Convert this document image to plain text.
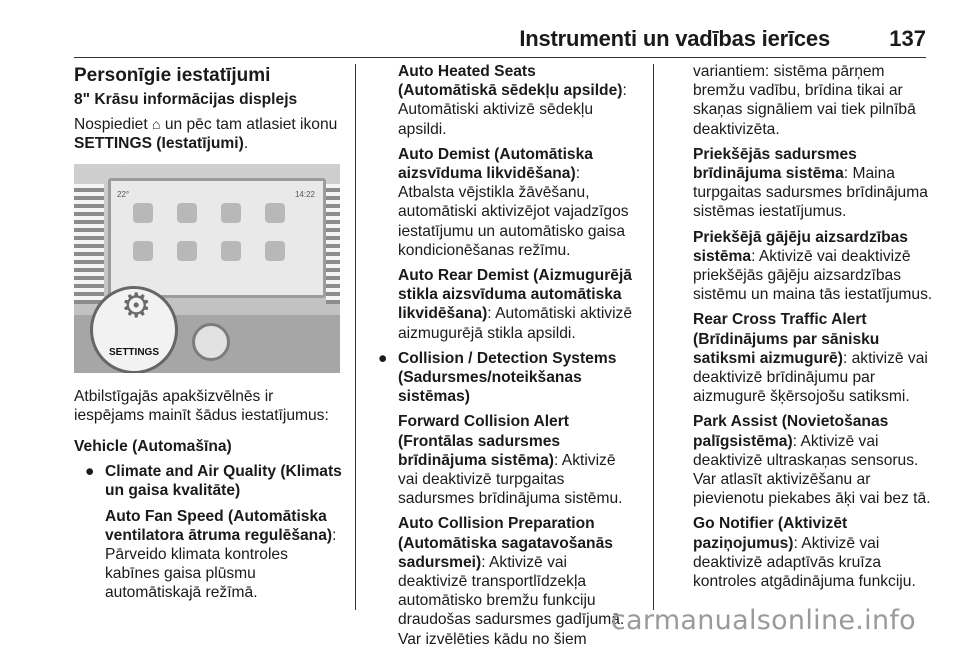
Instrumenti un vadības ierīces	137
Personīgie iestatījumi
8" Krāsu informācijas displejs

Nospiediet ⌂ un pēc tam atlasiet ikonu SETTINGS (Iestatījumi).

22°	14:22
⚙
SETTINGS

Atbilstīgajās apakšizvēlnēs ir iespējams mainīt šādus iestatījumus:

Vehicle (Automašīna)

● Climate and Air Quality (Klimats un gaisa kvalitāte)

Auto Fan Speed (Automātiska ventilatora ātruma regulēšana): Pārveido klimata kontroles kabīnes gaisa plūsmu automātiskajā režīmā.

Auto Heated Seats (Automātiskā sēdekļu apsilde): Automātiski aktivizē sēdekļu apsildi.

Auto Demist (Automātiska aizsvīduma likvidēšana): Atbalsta vējstikla žāvēšanu, automātiski aktivizējot vajadzīgos iestatījumu un automātisko gaisa kondicionēšanas režīmu.

Auto Rear Demist (Aizmugurējā stikla aizsvīduma automātiska likvidēšana): Automātiski aktivizē aizmugurējā stikla apsildi.

● Collision / Detection Systems (Sadursmes/noteikšanas sistēmas)

Forward Collision Alert (Frontālas sadursmes brīdinājuma sistēma): Aktivizē vai deaktivizē turpgaitas sadursmes brīdinājuma sistēmu.

Auto Collision Preparation (Automātiska sagatavošanās sadursmei): Aktivizē vai deaktivizē transportlīdzekļa automātisko bremžu funkciju draudošas sadursmes gadījumā. Var izvēlēties kādu no šiem

variantiem: sistēma pārņem bremžu vadību, brīdina tikai ar skaņas signāliem vai tiek pilnībā deaktivizēta.

Priekšējās sadursmes brīdinājuma sistēma: Maina turpgaitas sadursmes brīdinājuma sistēmas iestatījumus.

Priekšējā gājēju aizsardzības sistēma: Aktivizē vai deaktivizē priekšējās gājēju aizsardzības sistēmu un maina tās iestatījumus.

Rear Cross Traffic Alert (Brīdinājums par sānisku satiksmi aizmugurē): aktivizē vai deaktivizē brīdinājumu par aizmugurē šķērsojošu satiksmi.

Park Assist (Novietošanas palīgsistēma): Aktivizē vai deaktivizē ultraskaņas sensorus. Var atlasīt aktivizēšanu ar pievienotu piekabes āķi vai bez tā.

Go Notifier (Aktivizēt paziņojumus): Aktivizē vai deaktivizē adaptīvās kruīza kontroles atgādinājuma funkciju.

carmanualsonline.info
